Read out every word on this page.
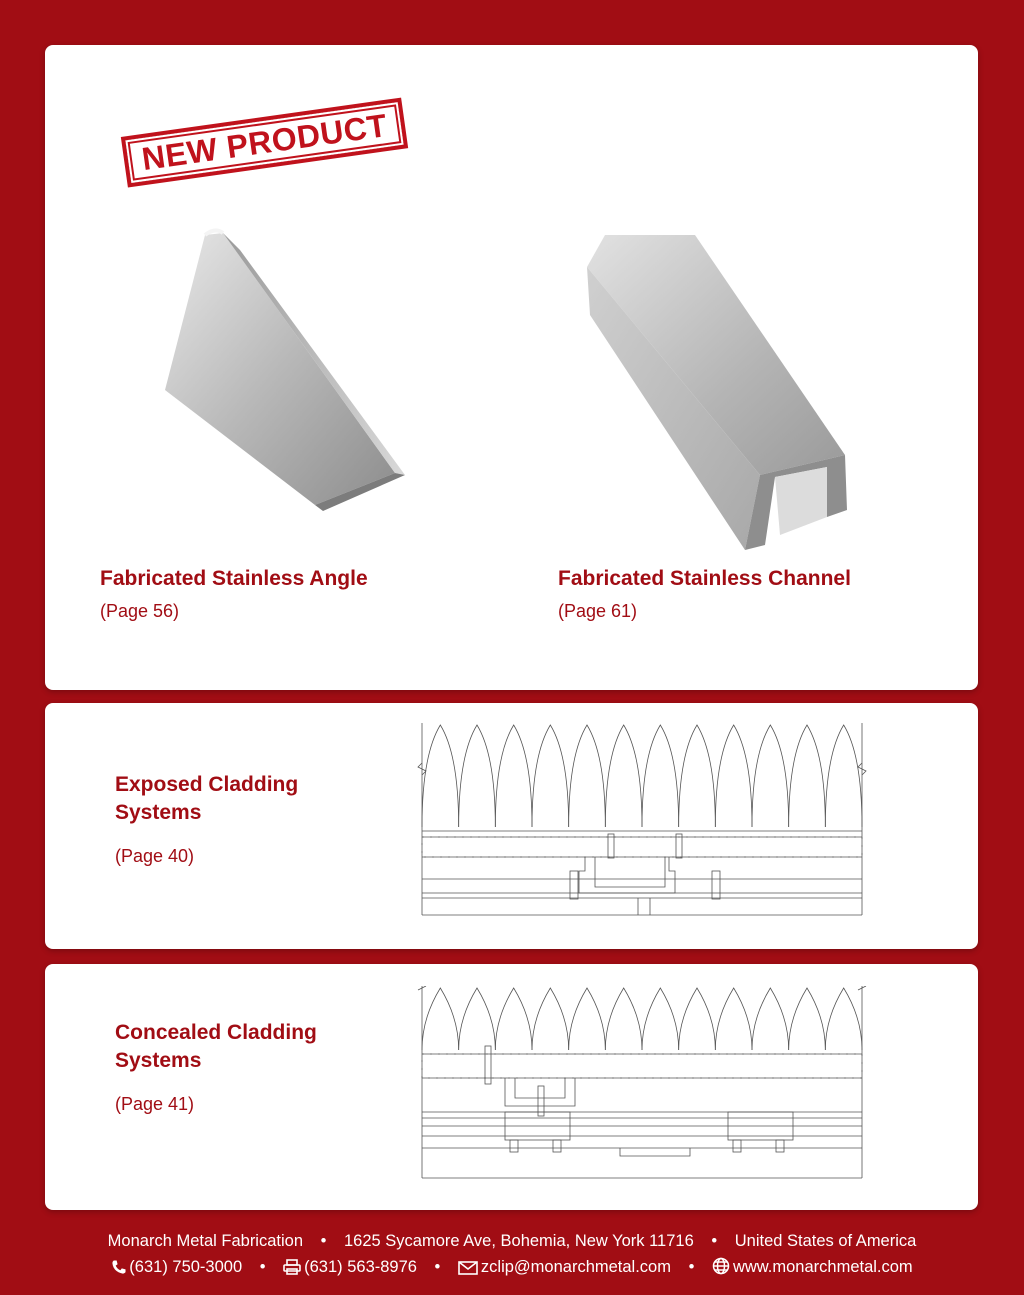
NEW PRODUCT
Fabricated Stainless Angle
(Page 56)
Fabricated Stainless Channel
(Page 61)
Exposed Cladding Systems
(Page 40)
Concealed Cladding Systems
(Page 41)
Monarch Metal Fabrication • 1625 Sycamore Ave, Bohemia, New York 11716 • United States of America
(631) 750-3000 • (631) 563-8976 • zclip@monarchmetal.com • www.monarchmetal.com
